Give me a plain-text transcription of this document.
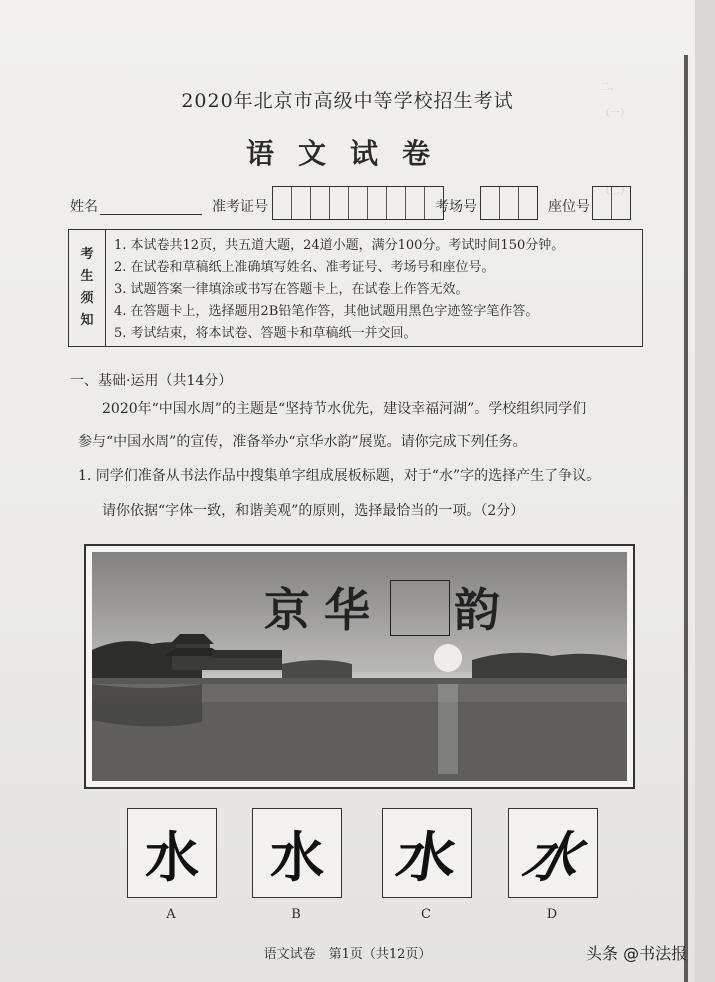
二、　　　　
（一）　　

（二）　　
2020年北京市高级中等学校招生考试
语文试卷
姓名	准考证号	考场号	座位号
考
生
须
知
1. 本试卷共12页，共五道大题，24道小题，满分100分。考试时间150分钟。
2. 在试卷和草稿纸上准确填写姓名、准考证号、考场号和座位号。
3. 试题答案一律填涂或书写在答题卡上，在试卷上作答无效。
4. 在答题卡上，选择题用2B铅笔作答，其他试题用黑色字迹签字笔作答。
5. 考试结束，将本试卷、答题卡和草稿纸一并交回。
一、基础·运用（共14分）
2020年“中国水周”的主题是“坚持节水优先，建设幸福河湖”。学校组织同学们
参与“中国水周”的宣传，准备举办“京华水韵”展览。请你完成下列任务。
1. 同学们准备从书法作品中搜集单字组成展板标题，对于“水”字的选择产生了争议。
请你依据“字体一致，和谐美观”的原则，选择最恰当的一项。（2分）
京 华 韵
水
A
水
B
水
C
水
D
语文试卷　第1页（共12页）	头条 @书法报
